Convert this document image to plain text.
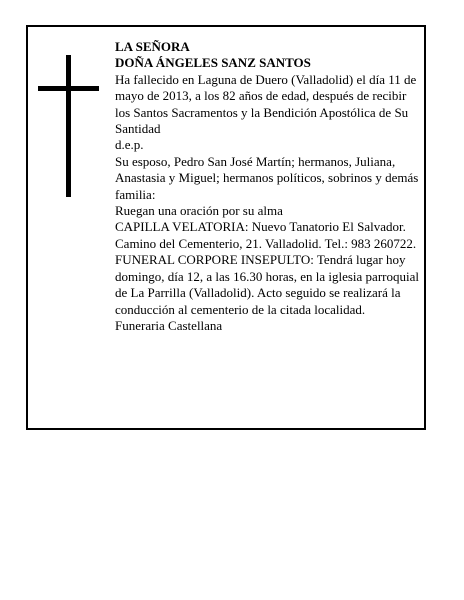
LA SEÑORA

DOÑA ÁNGELES SANZ SANTOS

Ha fallecido en Laguna de Duero (Valladolid) el día 11 de mayo de 2013, a los 82 años de edad, después de recibir los Santos Sacramentos y la Bendición Apostólica de Su Santidad

d.e.p.

Su esposo, Pedro San José Martín; hermanos, Juliana, Anastasia y Miguel; hermanos políticos, sobrinos y demás familia:

Ruegan una oración por su alma

CAPILLA VELATORIA: Nuevo Tanatorio El Salvador. Camino del Cementerio, 21. Valladolid. Tel.: 983 260722.

FUNERAL CORPORE INSEPULTO: Tendrá lugar hoy domingo, día 12, a las 16.30 horas, en la iglesia parroquial de La Parrilla (Valladolid). Acto seguido se realizará la conducción al cementerio de la citada localidad.

Funeraria Castellana
